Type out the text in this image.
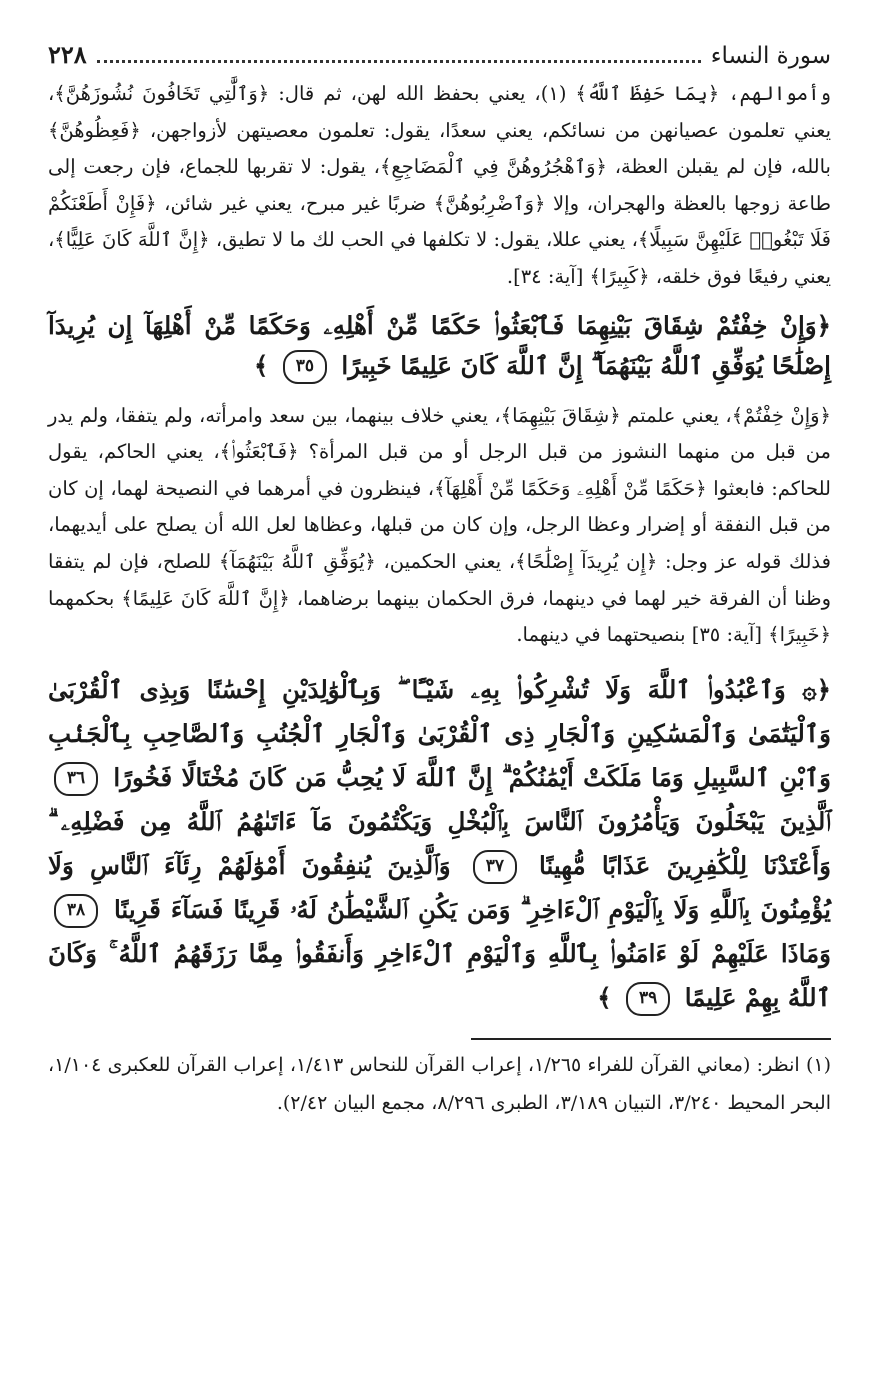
سورة النساء
٢٢٨

وأموالهم، ﴿بِمَا حَفِظَ ٱللَّهُ﴾ (١)، يعني بحفظ الله لهن، ثم قال: ﴿وَٱلَّٰتِي تَخَافُونَ نُشُوزَهُنَّ﴾، يعني تعلمون عصيانهن من نسائكم، يعني سعدًا، يقول: تعلمون معصيتهن لأزواجهن، ﴿فَعِظُوهُنَّ﴾ بالله، فإن لم يقبلن العظة، ﴿وَٱهْجُرُوهُنَّ فِي ٱلْمَضَاجِعِ﴾، يقول: لا تقربها للجماع، فإن رجعت إلى طاعة زوجها بالعظة والهجران، وإلا ﴿وَٱضْرِبُوهُنَّ﴾ ضربًا غير مبرح، يعني غير شائن، ﴿فَإِنْ أَطَعْنَكُمْ فَلَا تَبْغُوا۟ عَلَيْهِنَّ سَبِيلًا﴾، يعني عللا، يقول: لا تكلفها في الحب لك ما لا تطيق، ﴿إِنَّ ٱللَّهَ كَانَ عَلِيًّا﴾، يعني رفيعًا فوق خلقه، ﴿كَبِيرًا﴾ [آية: ٣٤].

﴿وَإِنْ خِفْتُمْ شِقَاقَ بَيْنِهِمَا فَٱبْعَثُوا۟ حَكَمًا مِّنْ أَهْلِهِۦ وَحَكَمًا مِّنْ أَهْلِهَآ إِن يُرِيدَآ إِصْلَٰحًا يُوَفِّقِ ٱللَّهُ بَيْنَهُمَآ ۗ إِنَّ ٱللَّهَ كَانَ عَلِيمًا خَبِيرًا ٣٥ ﴾

﴿وَإِنْ خِفْتُمْ﴾، يعني علمتم ﴿شِقَاقَ بَيْنِهِمَا﴾، يعني خلاف بينهما، بين سعد وامرأته، ولم يتفقا، ولم يدر من قبل من منهما النشوز من قبل الرجل أو من قبل المرأة؟ ﴿فَٱبْعَثُوا۟﴾، يعني الحاكم، يقول للحاكم: فابعثوا ﴿حَكَمًا مِّنْ أَهْلِهِۦ وَحَكَمًا مِّنْ أَهْلِهَآ﴾، فينظرون في أمرهما في النصيحة لهما، إن كان من قبل النفقة أو إضرار وعظا الرجل، وإن كان من قبلها، وعظاها لعل الله أن يصلح على أيديهما، فذلك قوله عز وجل: ﴿إِن يُرِيدَآ إِصْلَٰحًا﴾، يعني الحكمين، ﴿يُوَفِّقِ ٱللَّهُ بَيْنَهُمَآ﴾ للصلح، فإن لم يتفقا وظنا أن الفرقة خير لهما في دينهما، فرق الحكمان بينهما برضاهما، ﴿إِنَّ ٱللَّهَ كَانَ عَلِيمًا﴾ بحكمهما ﴿خَبِيرًا﴾ [آية: ٣٥] بنصيحتهما في دينهما.

﴿۞ وَٱعْبُدُوا۟ ٱللَّهَ وَلَا تُشْرِكُوا۟ بِهِۦ شَيْـًٔا ۖ وَبِٱلْوَٰلِدَيْنِ إِحْسَٰنًا وَبِذِى ٱلْقُرْبَىٰ وَٱلْيَتَٰمَىٰ وَٱلْمَسَٰكِينِ وَٱلْجَارِ ذِى ٱلْقُرْبَىٰ وَٱلْجَارِ ٱلْجُنُبِ وَٱلصَّاحِبِ بِٱلْجَنۢبِ وَٱبْنِ ٱلسَّبِيلِ وَمَا مَلَكَتْ أَيْمَٰنُكُمْ ۗ إِنَّ ٱللَّهَ لَا يُحِبُّ مَن كَانَ مُخْتَالًا فَخُورًا ٣٦ ٱلَّذِينَ يَبْخَلُونَ وَيَأْمُرُونَ ٱلنَّاسَ بِٱلْبُخْلِ وَيَكْتُمُونَ مَآ ءَاتَىٰهُمُ ٱللَّهُ مِن فَضْلِهِۦ ۗ وَأَعْتَدْنَا لِلْكَٰفِرِينَ عَذَابًا مُّهِينًا ٣٧ وَٱلَّذِينَ يُنفِقُونَ أَمْوَٰلَهُمْ رِئَآءَ ٱلنَّاسِ وَلَا يُؤْمِنُونَ بِٱللَّهِ وَلَا بِٱلْيَوْمِ ٱلْءَاخِرِ ۗ وَمَن يَكُنِ ٱلشَّيْطَٰنُ لَهُۥ قَرِينًا فَسَآءَ قَرِينًا ٣٨ وَمَاذَا عَلَيْهِمْ لَوْ ءَامَنُوا۟ بِٱللَّهِ وَٱلْيَوْمِ ٱلْءَاخِرِ وَأَنفَقُوا۟ مِمَّا رَزَقَهُمُ ٱللَّهُ ۚ وَكَانَ ٱللَّهُ بِهِمْ عَلِيمًا ٣٩ ﴾

(١) انظر: (معاني القرآن للفراء ١/٢٦٥، إعراب القرآن للنحاس ١/٤١٣، إعراب القرآن للعكبرى ١/١٠٤، البحر المحيط ٣/٢٤٠، التبيان ٣/١٨٩، الطبرى ٨/٢٩٦، مجمع البيان ٢/٤٢).
